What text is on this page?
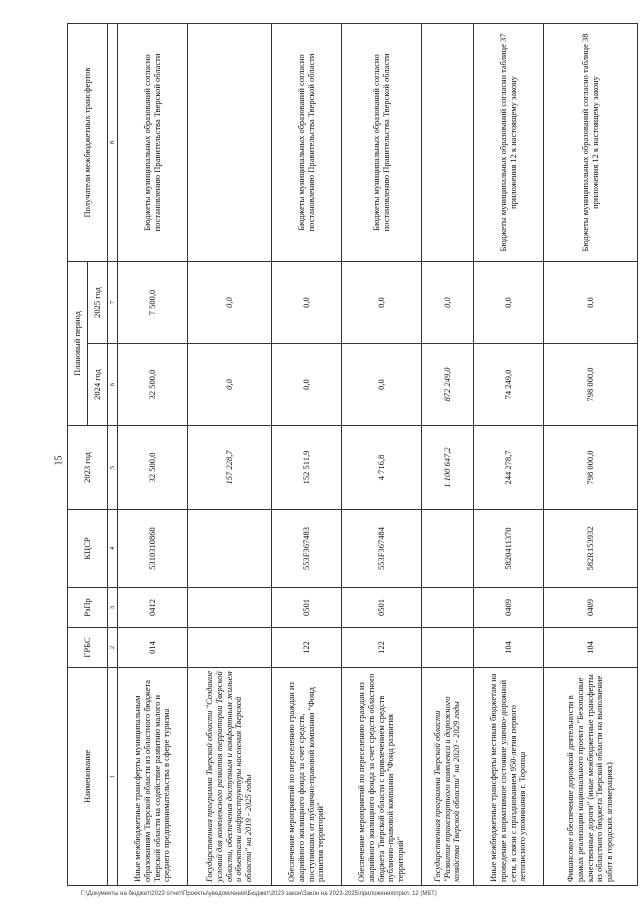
15
Наименование	ГРБС	РзПр	КЦСР	2023 год	Плановый период		Получатели межбюджетных трансфертов
					2024 год	2025 год	
1	2	3	4	5	6	7	8
Иные межбюджетные трансферты муниципальным образованиям Тверской области из областного бюджета Тверской области на содействие развитию малого и среднего предпринимательства в сфере туризма	014	0412	5310310860	32 500,0	32 500,0	7 500,0	Бюджеты муниципальных образований согласно постановлению Правительства Тверской области
Государственная программа Тверской области "Создание условий для комплексного развития территории Тверской области, обеспечения доступным и комфортным жильем и объектами инфраструктуры населения Тверской области" на 2019 - 2025 годы				157 228,7	0,0	0,0	
Обеспечение мероприятий по переселению граждан из аварийного жилищного фонда за счет средств, поступивших от публично-правовой компании "Фонд развития территорий"	122	0501	553F367483	152 511,9	0,0	0,0	Бюджеты муниципальных образований согласно постановлению Правительства Тверской области
Обеспечение мероприятий по переселению граждан из аварийного жилищного фонда за счет средств областного бюджета Тверской области с привлечением средств публично-правовой компании "Фонд развития территорий"	122	0501	553F367484	4 716,8	0,0	0,0	Бюджеты муниципальных образований согласно постановлению Правительства Тверской области
Государственная программа Тверской области "Развитие транспортного комплекса и дорожного хозяйства Тверской области" на 2020 - 2029 годы				1 100 647,2	872 249,0	0,0	
Иные межбюджетные трансферты местным бюджетам на проведение в нормативное состояние улично-дорожной сети, в связи с празднованием 950-летия первого летописного упоминания г. Торопца	104	0409	5820411370	244 278,7	74 249,0	0,0	Бюджеты муниципальных образований согласно таблице 37 приложения 12 к настоящему закону
Финансовое обеспечение дорожной деятельности в рамках реализации национального проекта "Безопасные качественные дороги" (иные межбюджетные трансферты из областного бюджета Тверской области на выполнение работ в городских агломерациях)	104	0409	582R153932	798 000,0	798 000,0	0,0	Бюджеты муниципальных образований согласно таблице 38 приложения 12 к настоящему закону
Г:\Документы на бюджет\2023 отчет\Проекты\уведомления\Бюджет\2023 закон\Закон на 2023-2025\приложения\прил. 12 (МБТ)
